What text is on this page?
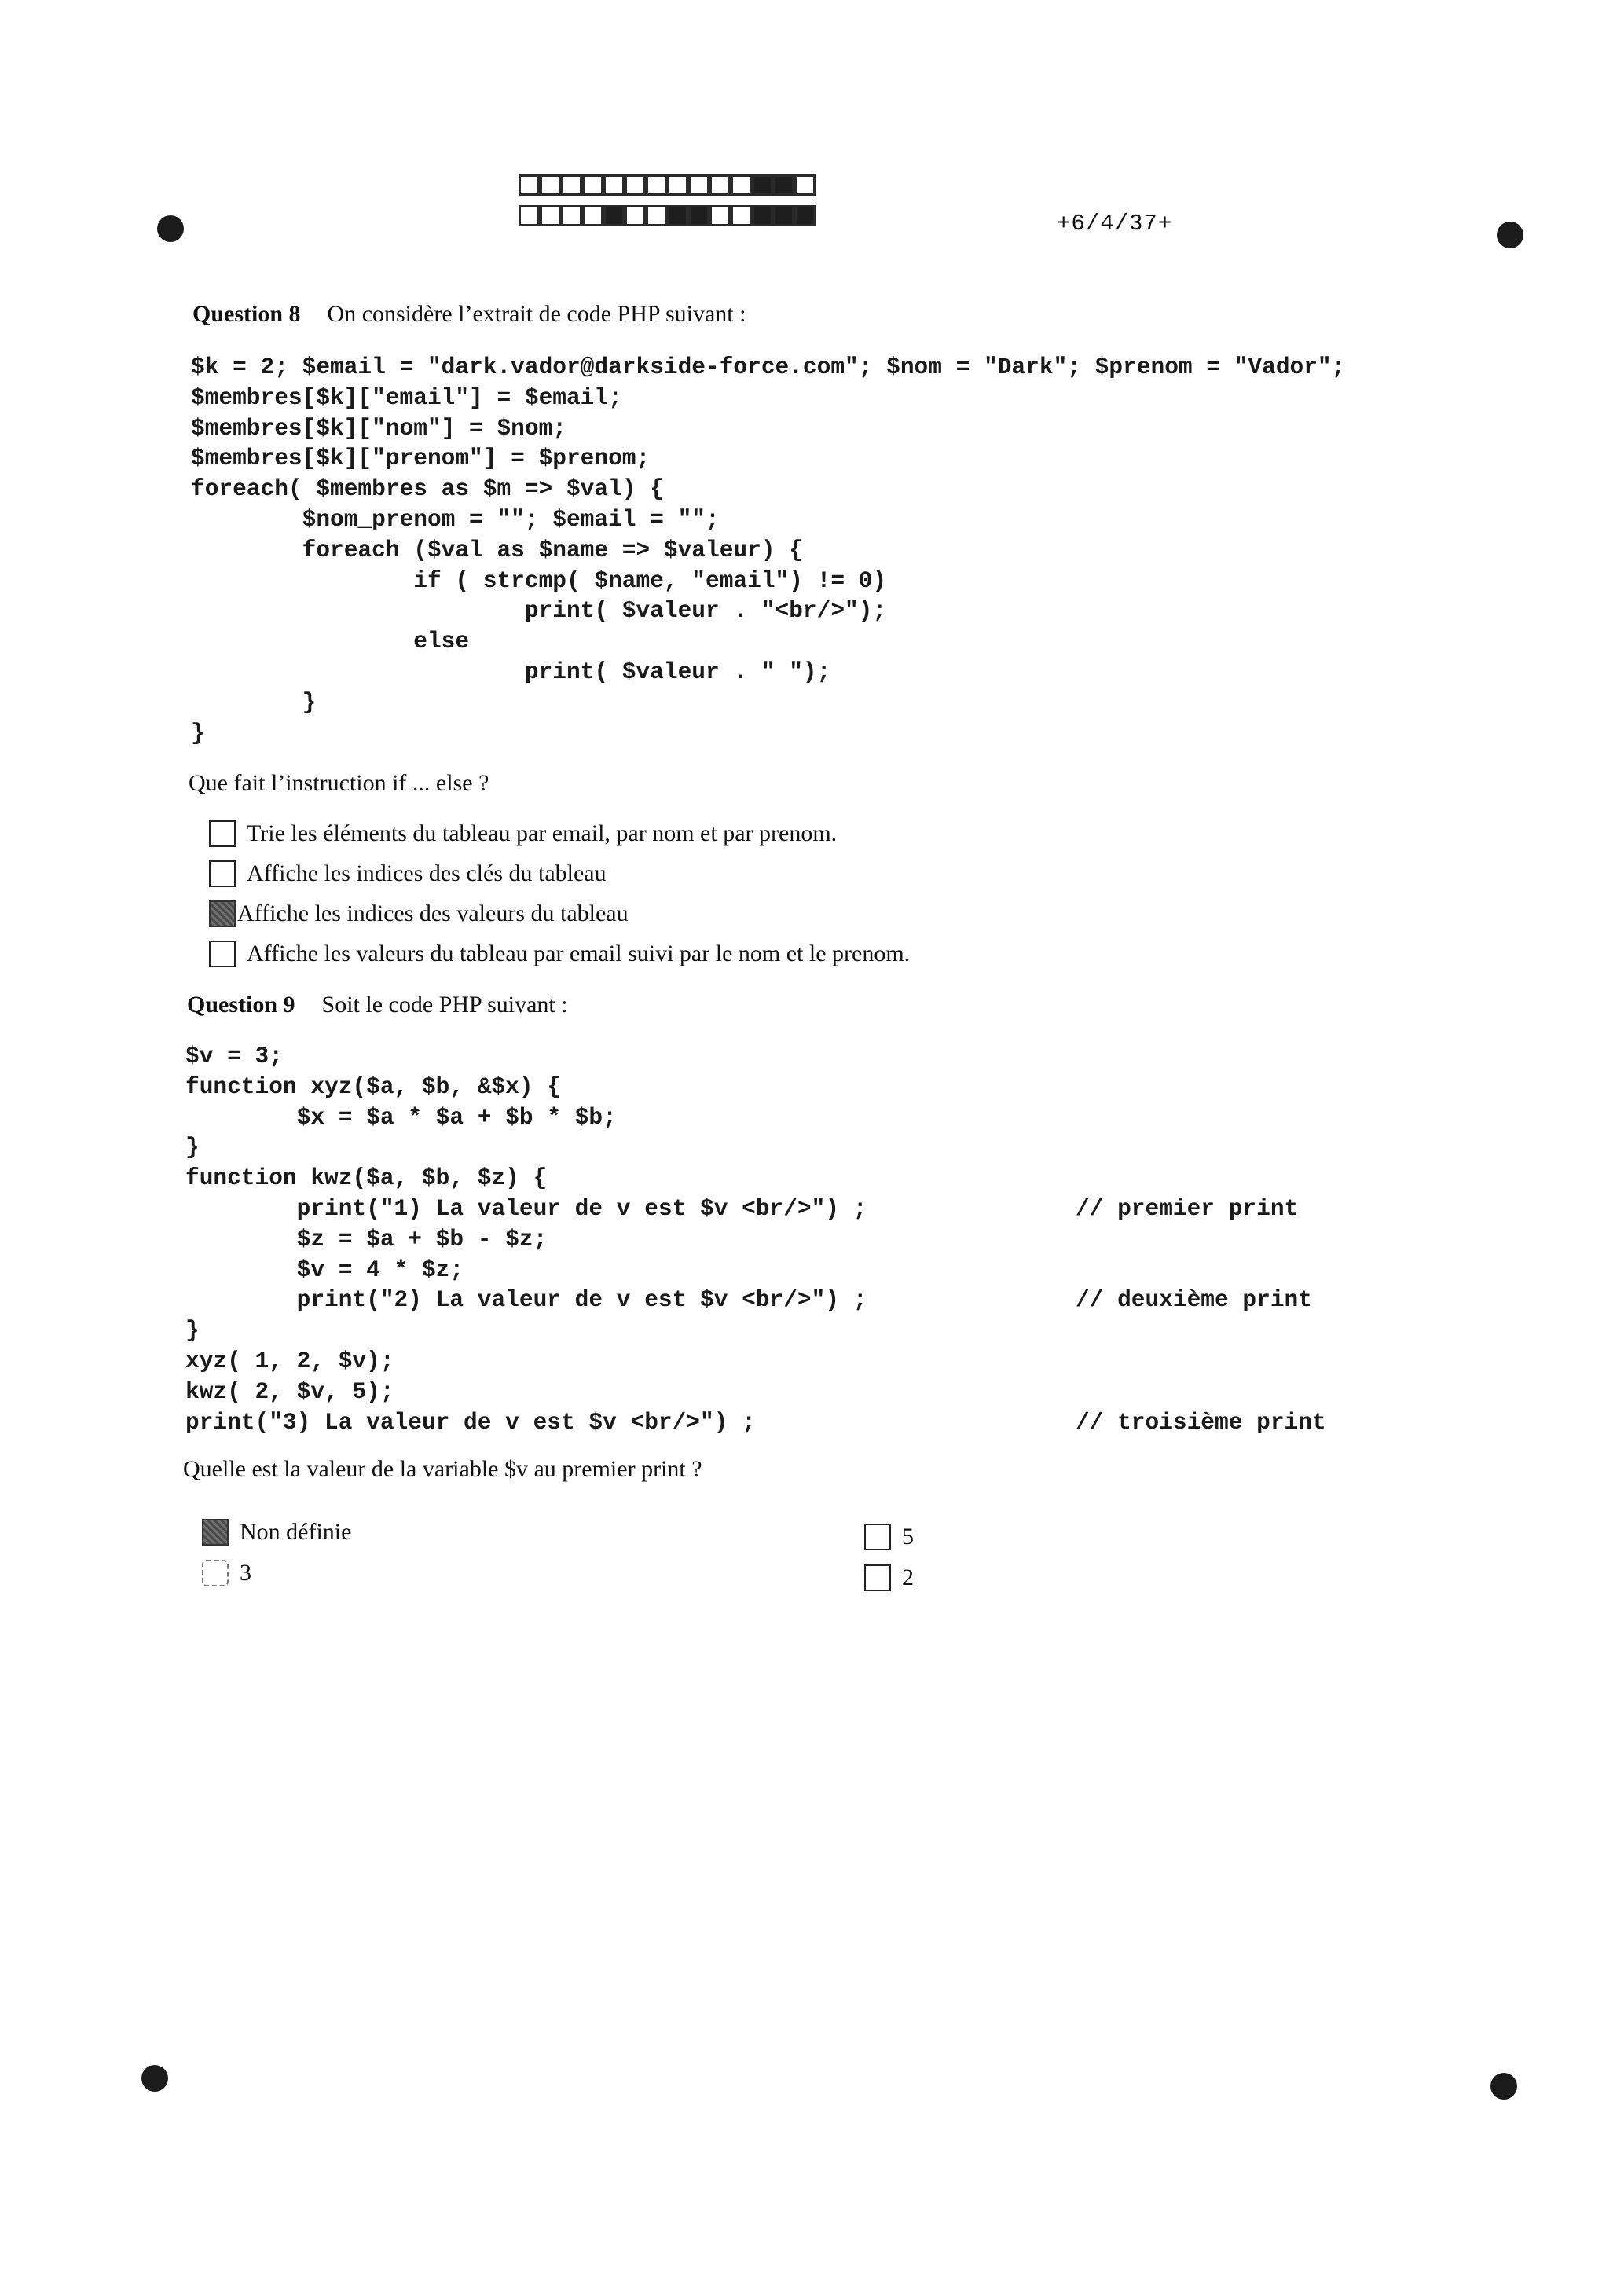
+6/4/37+
Question 8 On considère l’extrait de code PHP suivant :
$k = 2; $email = "dark.vador@darkside-force.com"; $nom = "Dark"; $prenom = "Vador";
$membres[$k]["email"] = $email;
$membres[$k]["nom"] = $nom;
$membres[$k]["prenom"] = $prenom;
foreach( $membres as $m => $val) {
$nom_prenom = ""; $email = "";
foreach ($val as $name => $valeur) {
if ( strcmp( $name, "email") != 0)
print( $valeur . "<br/>");
else
print( $valeur . " ");
}
}
Que fait l’instruction if ... else ?
Trie les éléments du tableau par email, par nom et par prenom.
Affiche les indices des clés du tableau
Affiche les indices des valeurs du tableau
Affiche les valeurs du tableau par email suivi par le nom et le prenom.
Question 9 Soit le code PHP suivant :
$v = 3;
function xyz($a, $b, &$x) {
$x = $a * $a + $b * $b;
}
function kwz($a, $b, $z) {
print("1) La valeur de v est $v <br/>") ;               // premier print
$z = $a + $b - $z;
$v = 4 * $z;
print("2) La valeur de v est $v <br/>") ;               // deuxième print
}
xyz( 1, 2, $v);
kwz( 2, $v, 5);
print("3) La valeur de v est $v <br/>") ;                       // troisième print
Quelle est la valeur de la variable $v au premier print ?
Non définie
3
5
2
